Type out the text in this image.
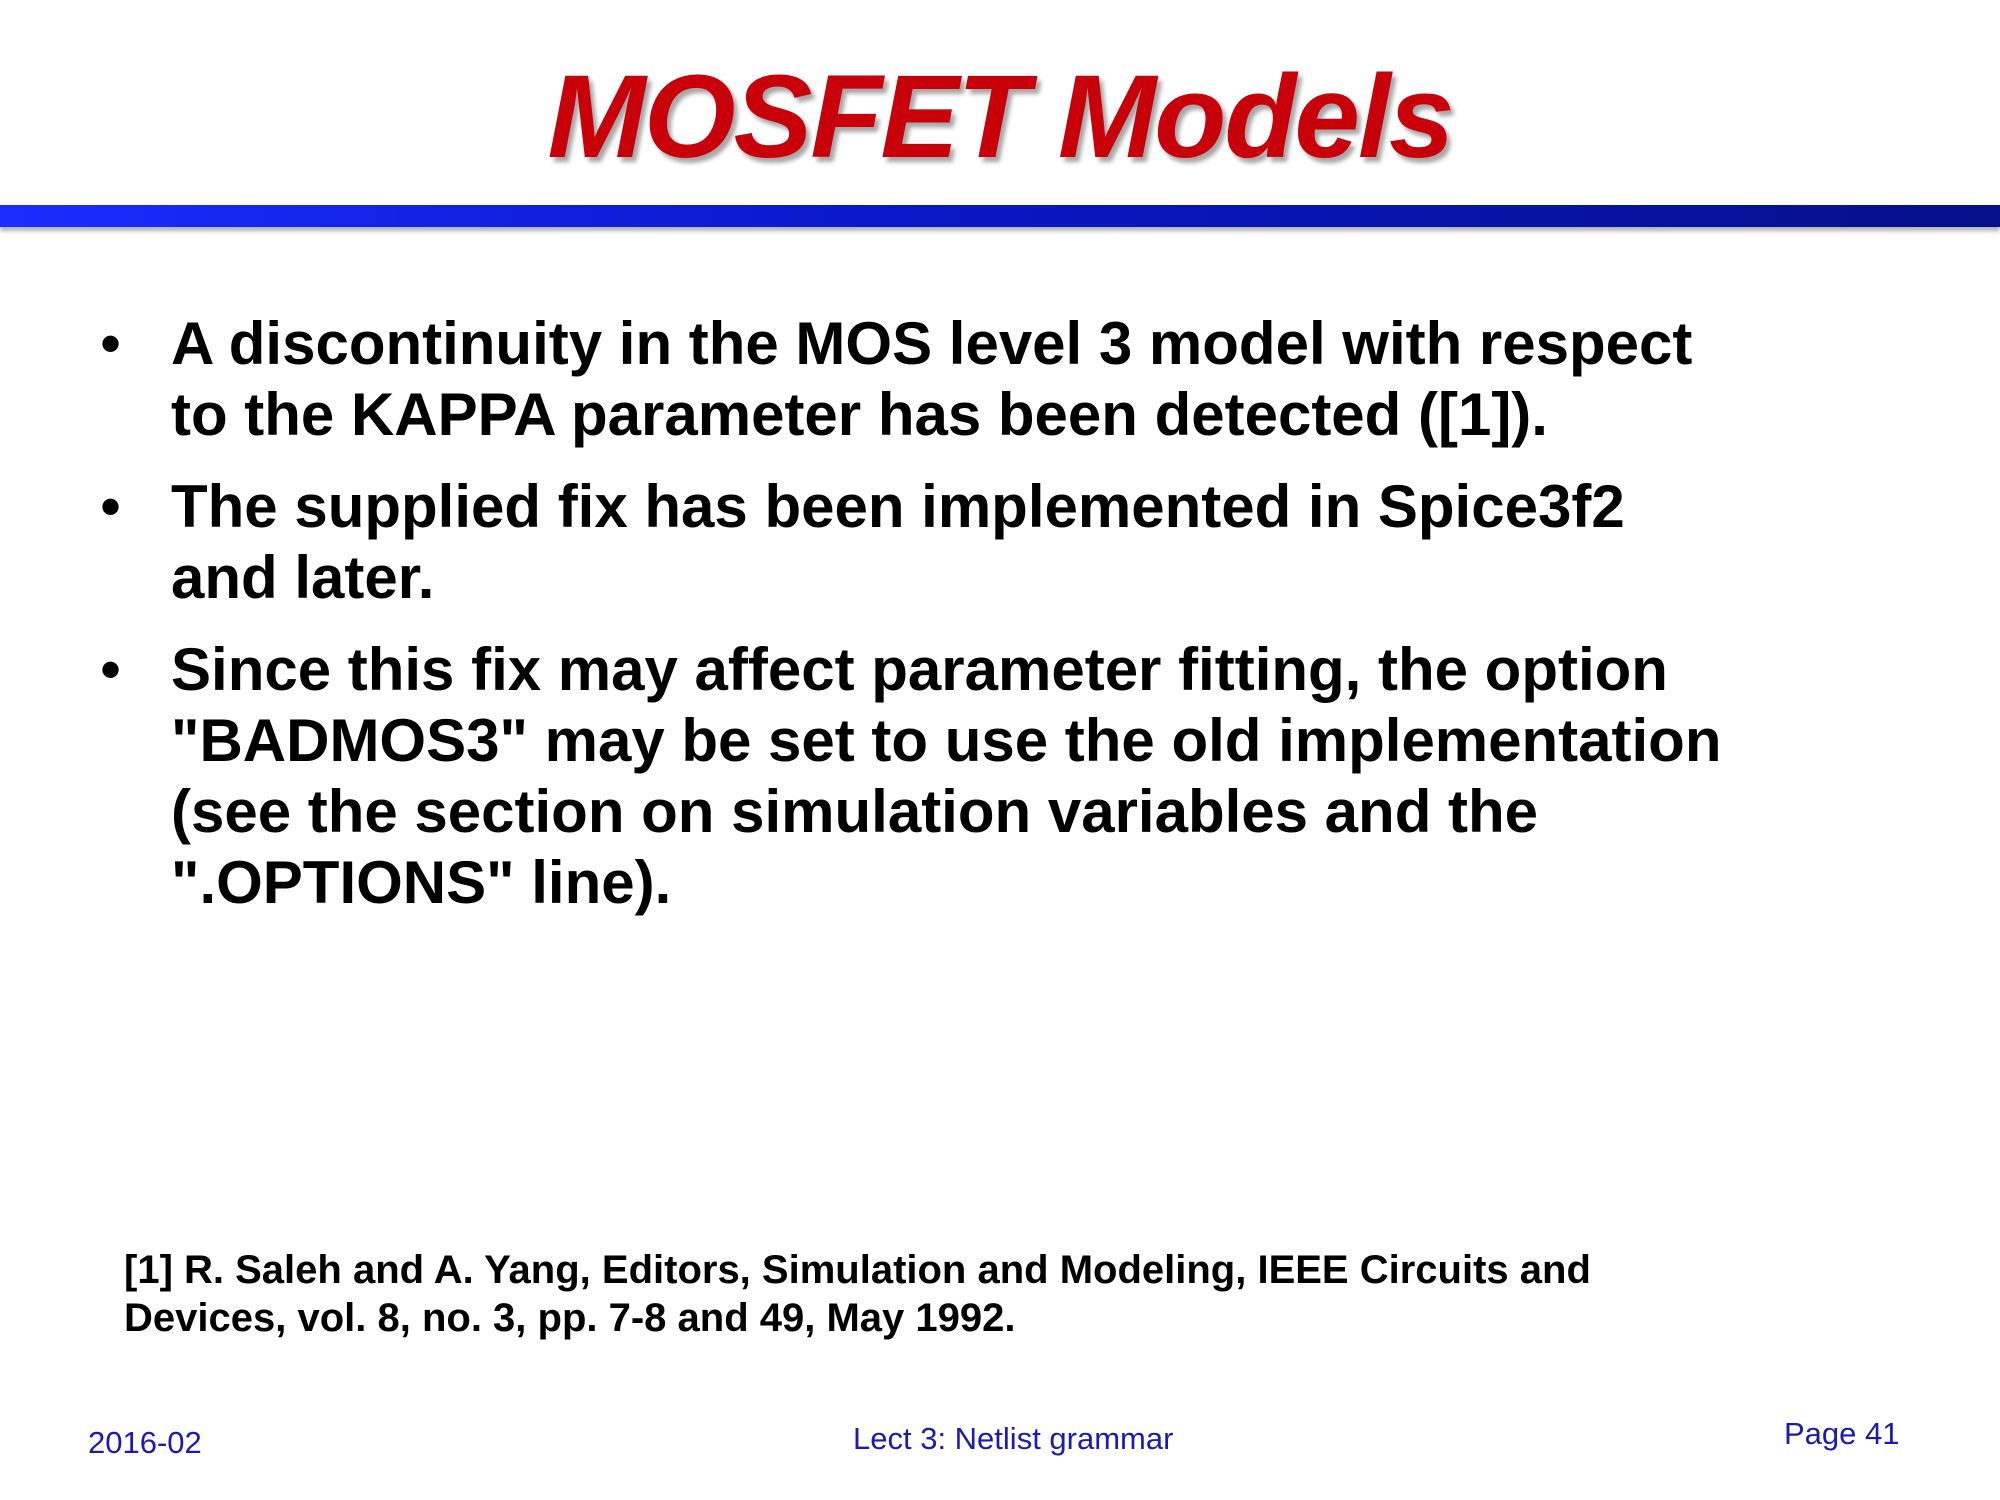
MOSFET Models
• A discontinuity in the MOS level 3 model with respect
to the KAPPA parameter has been detected ([1]).
• The supplied fix has been implemented in Spice3f2
and later.
• Since this fix may affect parameter fitting, the option
"BADMOS3" may be set to use the old implementation
(see the section on simulation variables and the
".OPTIONS" line).
[1] R. Saleh and A. Yang, Editors, Simulation and Modeling, IEEE Circuits and
Devices, vol. 8, no. 3, pp. 7-8 and 49, May 1992.
2016-02	Lect 3: Netlist grammar	Page 41
